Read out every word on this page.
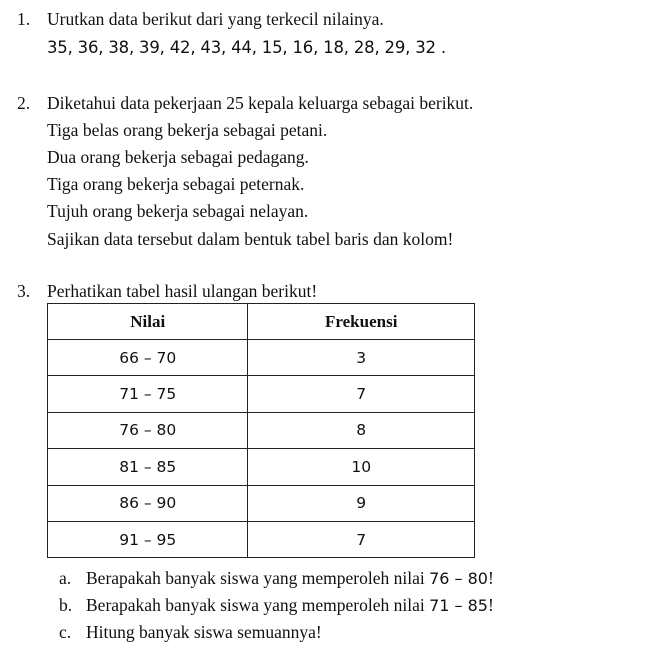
1. Urutkan data berikut dari yang terkecil nilainya.
35, 36, 38, 39, 42, 43, 44, 15, 16, 18, 28, 29, 32 .
2. Diketahui data pekerjaan 25 kepala keluarga sebagai berikut.
Tiga belas orang bekerja sebagai petani.
Dua orang bekerja sebagai pedagang.
Tiga orang bekerja sebagai peternak.
Tujuh orang bekerja sebagai nelayan.
Sajikan data tersebut dalam bentuk tabel baris dan kolom!
3. Perhatikan tabel hasil ulangan berikut!
Nilai	Frekuensi
66 – 70	3
71 – 75	7
76 – 80	8
81 – 85	10
86 – 90	9
91 – 95	7
a. Berapakah banyak siswa yang memperoleh nilai 76 – 80!
b. Berapakah banyak siswa yang memperoleh nilai 71 – 85!
c. Hitung banyak siswa semuannya!
